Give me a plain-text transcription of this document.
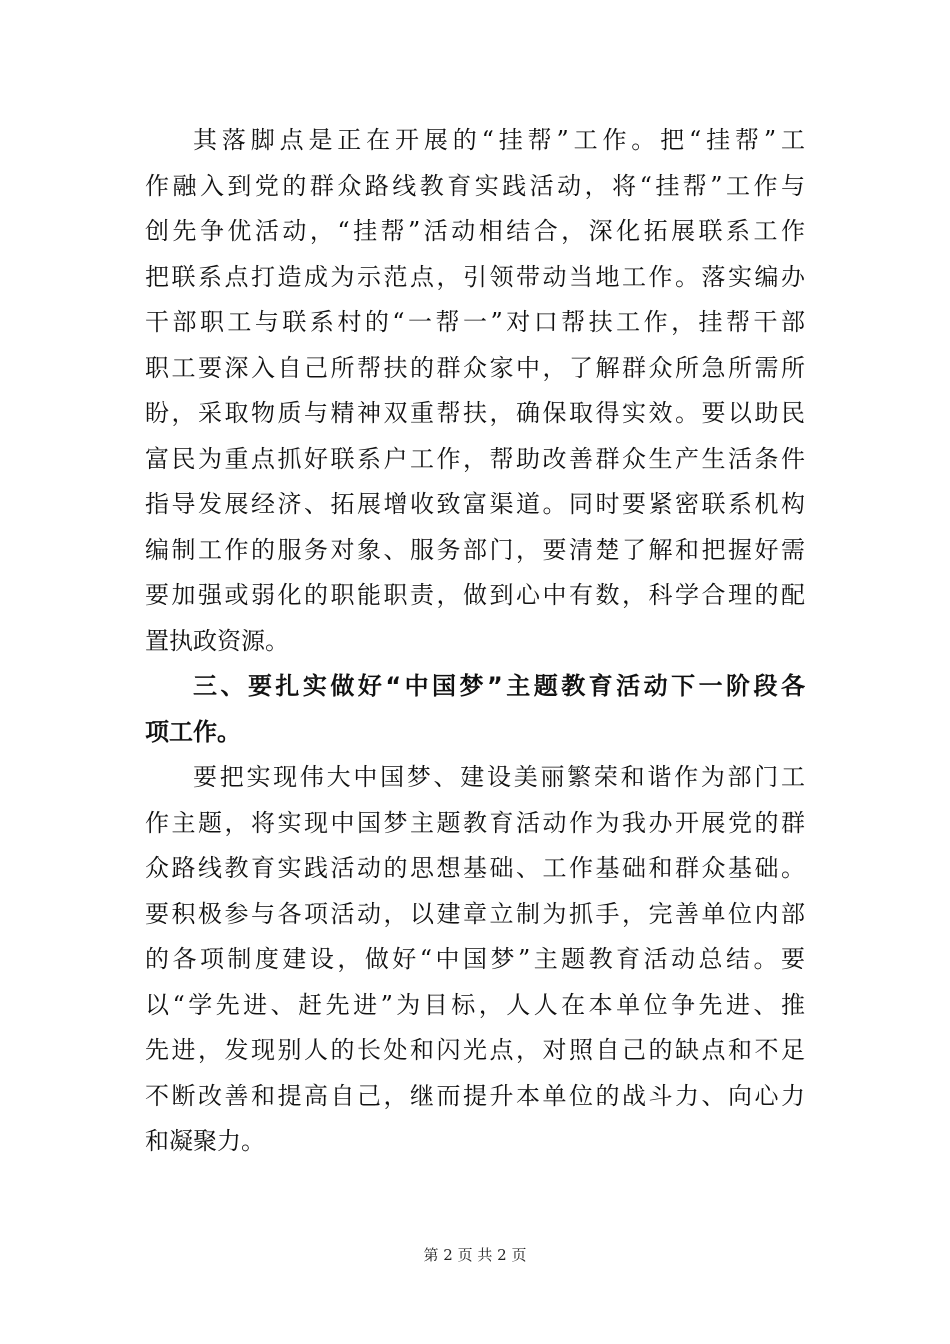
其落脚点是正在开展的“挂帮”工作。把“挂帮”工
作融入到党的群众路线教育实践活动，将“挂帮”工作与
创先争优活动，“挂帮”活动相结合，深化拓展联系工作
把联系点打造成为示范点，引领带动当地工作。落实编办
干部职工与联系村的“一帮一”对口帮扶工作，挂帮干部
职工要深入自己所帮扶的群众家中，了解群众所急所需所
盼，采取物质与精神双重帮扶，确保取得实效。要以助民
富民为重点抓好联系户工作，帮助改善群众生产生活条件
指导发展经济、拓展增收致富渠道。同时要紧密联系机构
编制工作的服务对象、服务部门，要清楚了解和把握好需
要加强或弱化的职能职责，做到心中有数，科学合理的配
置执政资源。
三、要扎实做好“中国梦”主题教育活动下一阶段各
项工作。
要把实现伟大中国梦、建设美丽繁荣和谐作为部门工
作主题，将实现中国梦主题教育活动作为我办开展党的群
众路线教育实践活动的思想基础、工作基础和群众基础。
要积极参与各项活动，以建章立制为抓手，完善单位内部
的各项制度建设，做好“中国梦”主题教育活动总结。要
以“学先进、赶先进”为目标，人人在本单位争先进、推
先进，发现别人的长处和闪光点，对照自己的缺点和不足
不断改善和提高自己，继而提升本单位的战斗力、向心力
和凝聚力。
第 2 页 共 2 页
